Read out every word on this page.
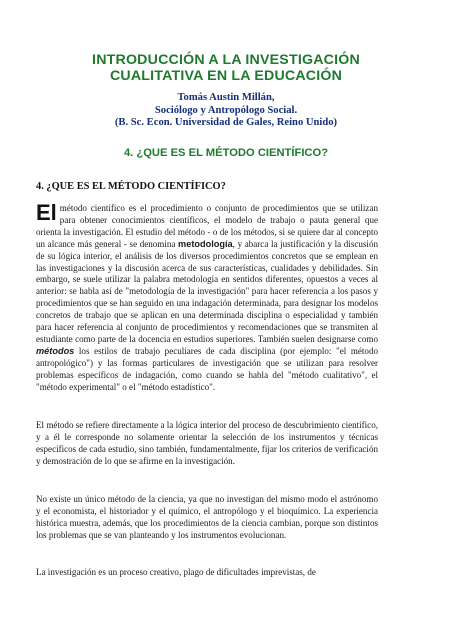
INTRODUCCIÓN A LA INVESTIGACIÓN
CUALITATIVA EN LA EDUCACIÓN
Tomás Austin Millán,
Sociólogo y Antropólogo Social.
(B. Sc. Econ. Universidad de Gales, Reino Unido)
4. ¿QUE ES EL MÉTODO CIENTÍFICO?
4. ¿QUE ES EL MÉTODO CIENTÍFICO?
El método científico es el procedimiento o conjunto de procedimientos que se utilizan para obtener conocimientos científicos, el modelo de trabajo o pauta general que orienta la investigación. El estudio del método - o de los métodos, si se quiere dar al concepto un alcance más general - se denomina metodología, y abarca la justificación y la discusión de su lógica interior, el análisis de los diversos procedimientos concretos que se emplean en las investigaciones y la discusión acerca de sus características, cualidades y debilidades. Sin embargo, se suele utilizar la palabra metodología en sentidos diferentes, opuestos a veces al anterior: se habla así de "metodología de la investigación" para hacer referencia a los pasos y procedimientos que se han seguido en una indagación determinada, para designar los modelos concretos de trabajo que se aplican en una determinada disciplina o especialidad y también para hacer referencia al conjunto de procedimientos y recomendaciones que se transmiten al estudiante como parte de la docencia en estudios superiores. También suelen designarse como métodos los estilos de trabajo peculiares de cada disciplina (por ejemplo: "el método antropológico") y las formas particulares de investigación que se utilizan para resolver problemas específicos de indagación, como cuando se habla del "método cualitativo", el "método experimental" o el "método estadístico".
El método se refiere directamente a la lógica interior del proceso de descubrimiento científico, y a él le corresponde no solamente orientar la selección de los instrumentos y técnicas específicos de cada estudio, sino también, fundamentalmente, fijar los criterios de verificación y demostración de lo que se afirme en la investigación.
No existe un único método de la ciencia, ya que no investigan del mismo modo el astrónomo y el economista, el historiador y el químico, el antropólogo y el bioquímico. La experiencia histórica muestra, además, que los procedimientos de la ciencia cambian, porque son distintos los problemas que se van planteando y los instrumentos evolucionan.
La investigación es un proceso creativo, plago de dificultades imprevistas, de
